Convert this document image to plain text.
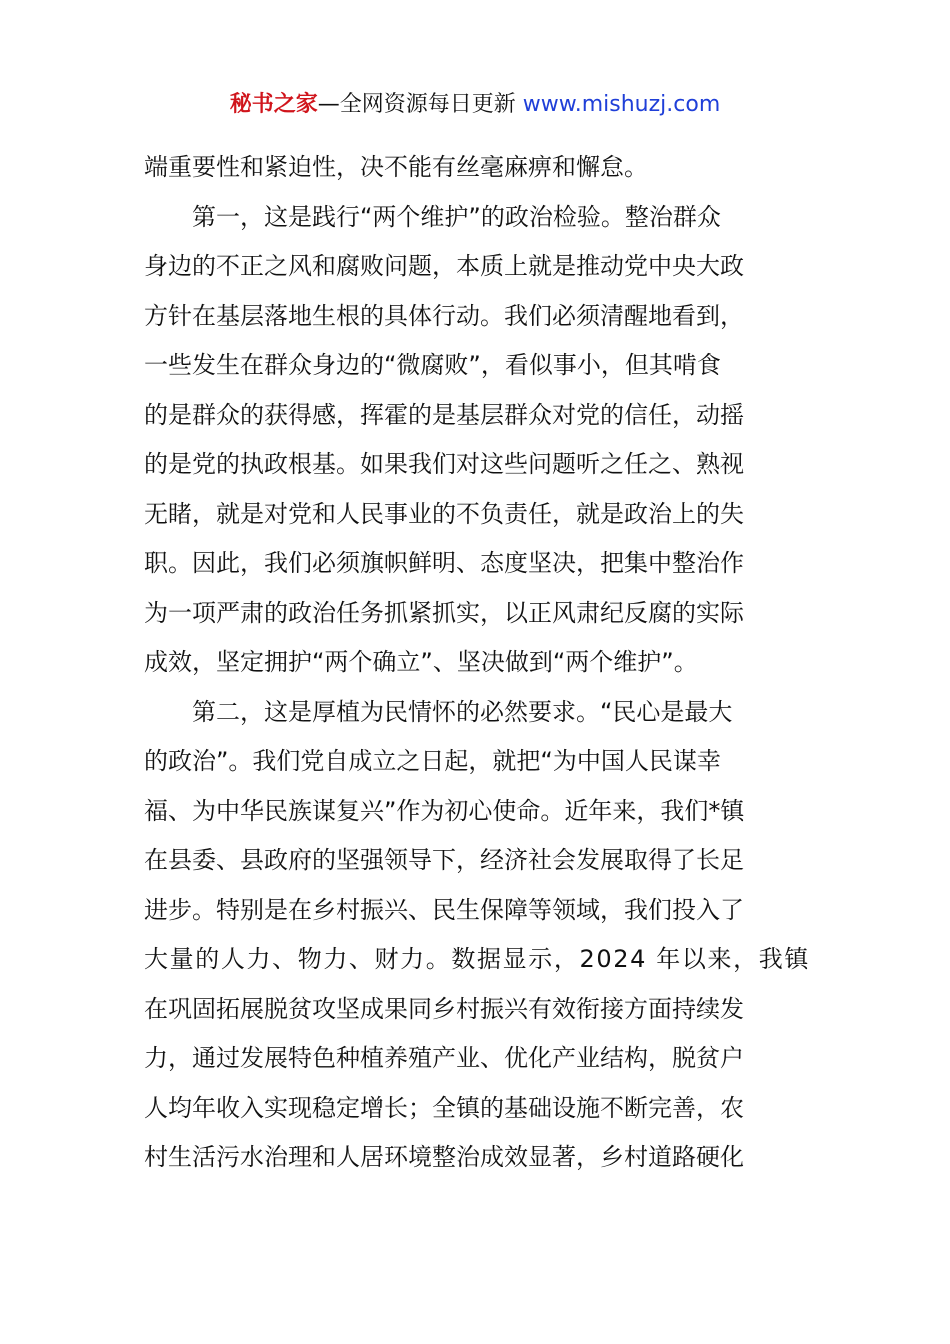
秘书之家—全网资源每日更新 www.mishuzj.com
端重要性和紧迫性，决不能有丝毫麻痹和懈怠。
第一，这是践行“两个维护”的政治检验。整治群众
身边的不正之风和腐败问题，本质上就是推动党中央大政
方针在基层落地生根的具体行动。我们必须清醒地看到，
一些发生在群众身边的“微腐败”，看似事小，但其啃食
的是群众的获得感，挥霍的是基层群众对党的信任，动摇
的是党的执政根基。如果我们对这些问题听之任之、熟视
无睹，就是对党和人民事业的不负责任，就是政治上的失
职。因此，我们必须旗帜鲜明、态度坚决，把集中整治作
为一项严肃的政治任务抓紧抓实，以正风肃纪反腐的实际
成效，坚定拥护“两个确立”、坚决做到“两个维护”。
第二，这是厚植为民情怀的必然要求。“民心是最大
的政治”。我们党自成立之日起，就把“为中国人民谋幸
福、为中华民族谋复兴”作为初心使命。近年来，我们*镇
在县委、县政府的坚强领导下，经济社会发展取得了长足
进步。特别是在乡村振兴、民生保障等领域，我们投入了
大量的人力、物力、财力。数据显示，2024 年以来，我镇
在巩固拓展脱贫攻坚成果同乡村振兴有效衔接方面持续发
力，通过发展特色种植养殖产业、优化产业结构，脱贫户
人均年收入实现稳定增长；全镇的基础设施不断完善，农
村生活污水治理和人居环境整治成效显著，乡村道路硬化
